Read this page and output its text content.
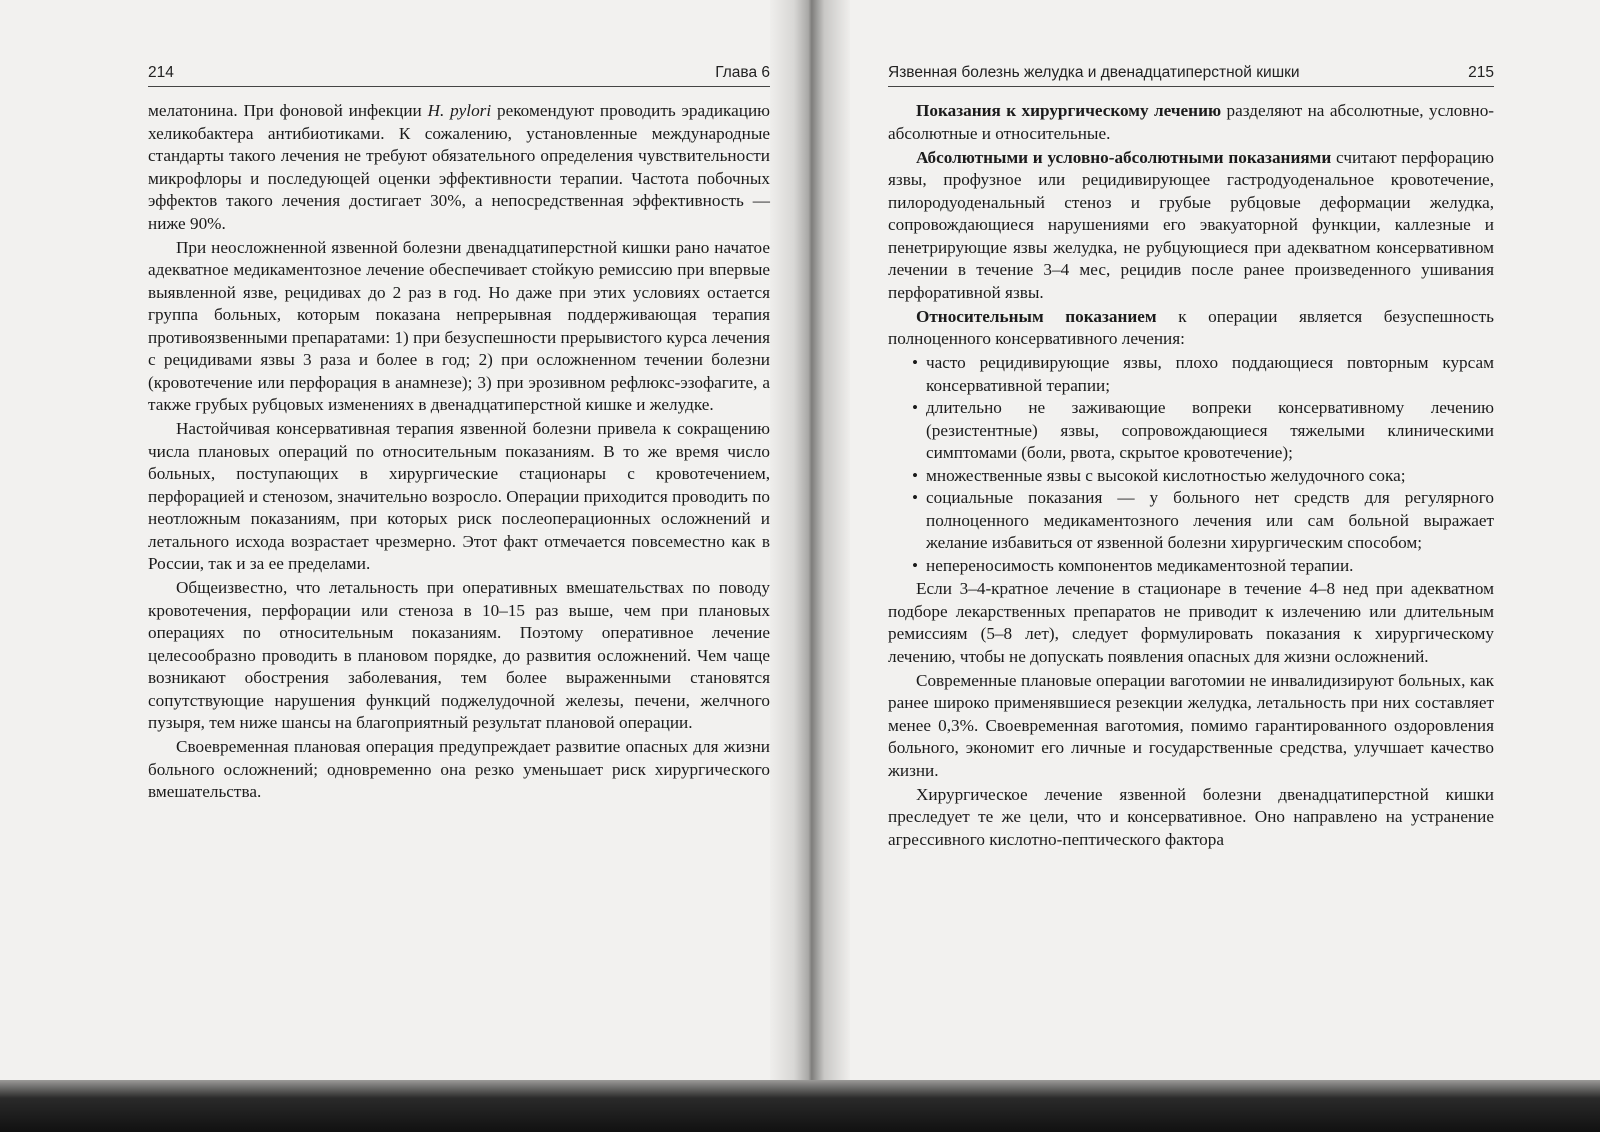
214	Глава 6	Язвенная болезнь желудка и двенадцатиперстной кишки	215

мелатонина. При фоновой инфекции H. pylori рекомендуют проводить эрадикацию хеликобактера антибиотиками. К сожалению, установленные международные стандарты такого лечения не требуют обязательного определения чувствительности микрофлоры и последующей оценки эффективности терапии. Частота побочных эффектов такого лечения достигает 30%, а непосредственная эффективность — ниже 90%.

При неосложненной язвенной болезни двенадцатиперстной кишки рано начатое адекватное медикаментозное лечение обеспечивает стойкую ремиссию при впервые выявленной язве, рецидивах до 2 раз в год. Но даже при этих условиях остается группа больных, которым показана непрерывная поддерживающая терапия противоязвенными препаратами: 1) при безуспешности прерывистого курса лечения с рецидивами язвы 3 раза и более в год; 2) при осложненном течении болезни (кровотечение или перфорация в анамнезе); 3) при эрозивном рефлюкс-эзофагите, а также грубых рубцовых изменениях в двенадцатиперстной кишке и желудке.

Настойчивая консервативная терапия язвенной болезни привела к сокращению числа плановых операций по относительным показаниям. В то же время число больных, поступающих в хирургические стационары с кровотечением, перфорацией и стенозом, значительно возросло. Операции приходится проводить по неотложным показаниям, при которых риск послеоперационных осложнений и летального исхода возрастает чрезмерно. Этот факт отмечается повсеместно как в России, так и за ее пределами.

Общеизвестно, что летальность при оперативных вмешательствах по поводу кровотечения, перфорации или стеноза в 10–15 раз выше, чем при плановых операциях по относительным показаниям. Поэтому оперативное лечение целесообразно проводить в плановом порядке, до развития осложнений. Чем чаще возникают обострения заболевания, тем более выраженными становятся сопутствующие нарушения функций поджелудочной железы, печени, желчного пузыря, тем ниже шансы на благоприятный результат плановой операции.

Своевременная плановая операция предупреждает развитие опасных для жизни больного осложнений; одновременно она резко уменьшает риск хирургического вмешательства.

Показания к хирургическому лечению разделяют на абсолютные, условно-абсолютные и относительные.

Абсолютными и условно-абсолютными показаниями считают перфорацию язвы, профузное или рецидивирующее гастродуоденальное кровотечение, пилородуоденальный стеноз и грубые рубцовые деформации желудка, сопровождающиеся нарушениями его эвакуаторной функции, каллезные и пенетрирующие язвы желудка, не рубцующиеся при адекватном консервативном лечении в течение 3–4 мес, рецидив после ранее произведенного ушивания перфоративной язвы.

Относительным показанием к операции является безуспешность полноценного консервативного лечения:

• часто рецидивирующие язвы, плохо поддающиеся повторным курсам консервативной терапии;
• длительно не заживающие вопреки консервативному лечению (резистентные) язвы, сопровождающиеся тяжелыми клиническими симптомами (боли, рвота, скрытое кровотечение);
• множественные язвы с высокой кислотностью желудочного сока;
• социальные показания — у больного нет средств для регулярного полноценного медикаментозного лечения или сам больной выражает желание избавиться от язвенной болезни хирургическим способом;
• непереносимость компонентов медикаментозной терапии.

Если 3–4-кратное лечение в стационаре в течение 4–8 нед при адекватном подборе лекарственных препаратов не приводит к излечению или длительным ремиссиям (5–8 лет), следует формулировать показания к хирургическому лечению, чтобы не допускать появления опасных для жизни осложнений.

Современные плановые операции ваготомии не инвалидизируют больных, как ранее широко применявшиеся резекции желудка, летальность при них составляет менее 0,3%. Своевременная ваготомия, помимо гарантированного оздоровления больного, экономит его личные и государственные средства, улучшает качество жизни.

Хирургическое лечение язвенной болезни двенадцатиперстной кишки преследует те же цели, что и консервативное. Оно направлено на устранение агрессивного кислотно-пептического фактора
